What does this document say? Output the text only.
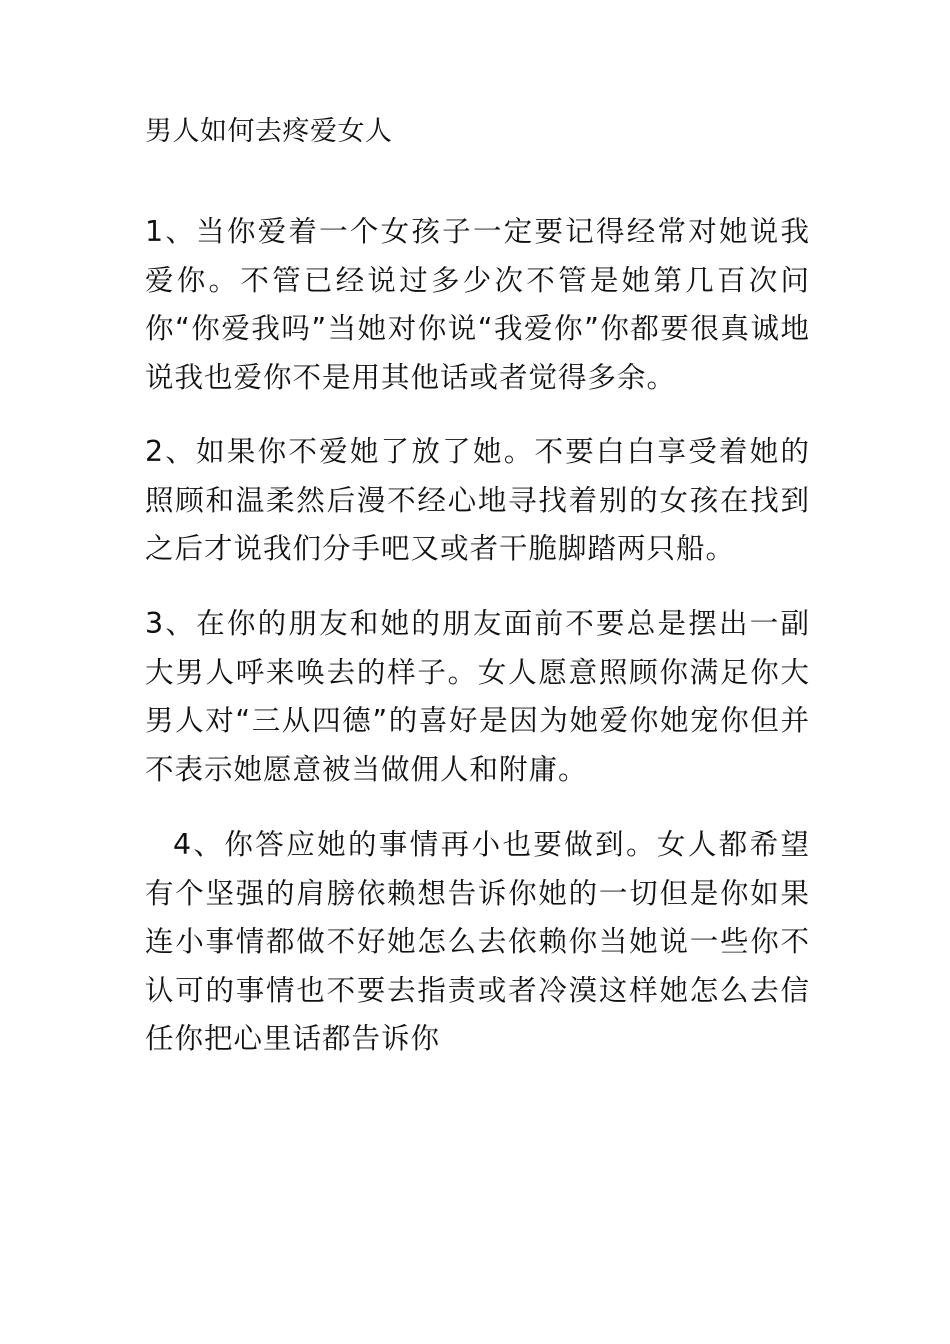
男人如何去疼爱女人

1、当你爱着一个女孩子一定要记得经常对她说我爱你。不管已经说过多少次不管是她第几百次问你“你爱我吗”当她对你说“我爱你”你都要很真诚地说我也爱你不是用其他话或者觉得多余。

2、如果你不爱她了放了她。不要白白享受着她的照顾和温柔然后漫不经心地寻找着别的女孩在找到之后才说我们分手吧又或者干脆脚踏两只船。

3、在你的朋友和她的朋友面前不要总是摆出一副大男人呼来唤去的样子。女人愿意照顾你满足你大男人对“三从四德”的喜好是因为她爱你她宠你但并不表示她愿意被当做佣人和附庸。

4、你答应她的事情再小也要做到。女人都希望有个坚强的肩膀依赖想告诉你她的一切但是你如果连小事情都做不好她怎么去依赖你当她说一些你不认可的事情也不要去指责或者冷漠这样她怎么去信任你把心里话都告诉你
